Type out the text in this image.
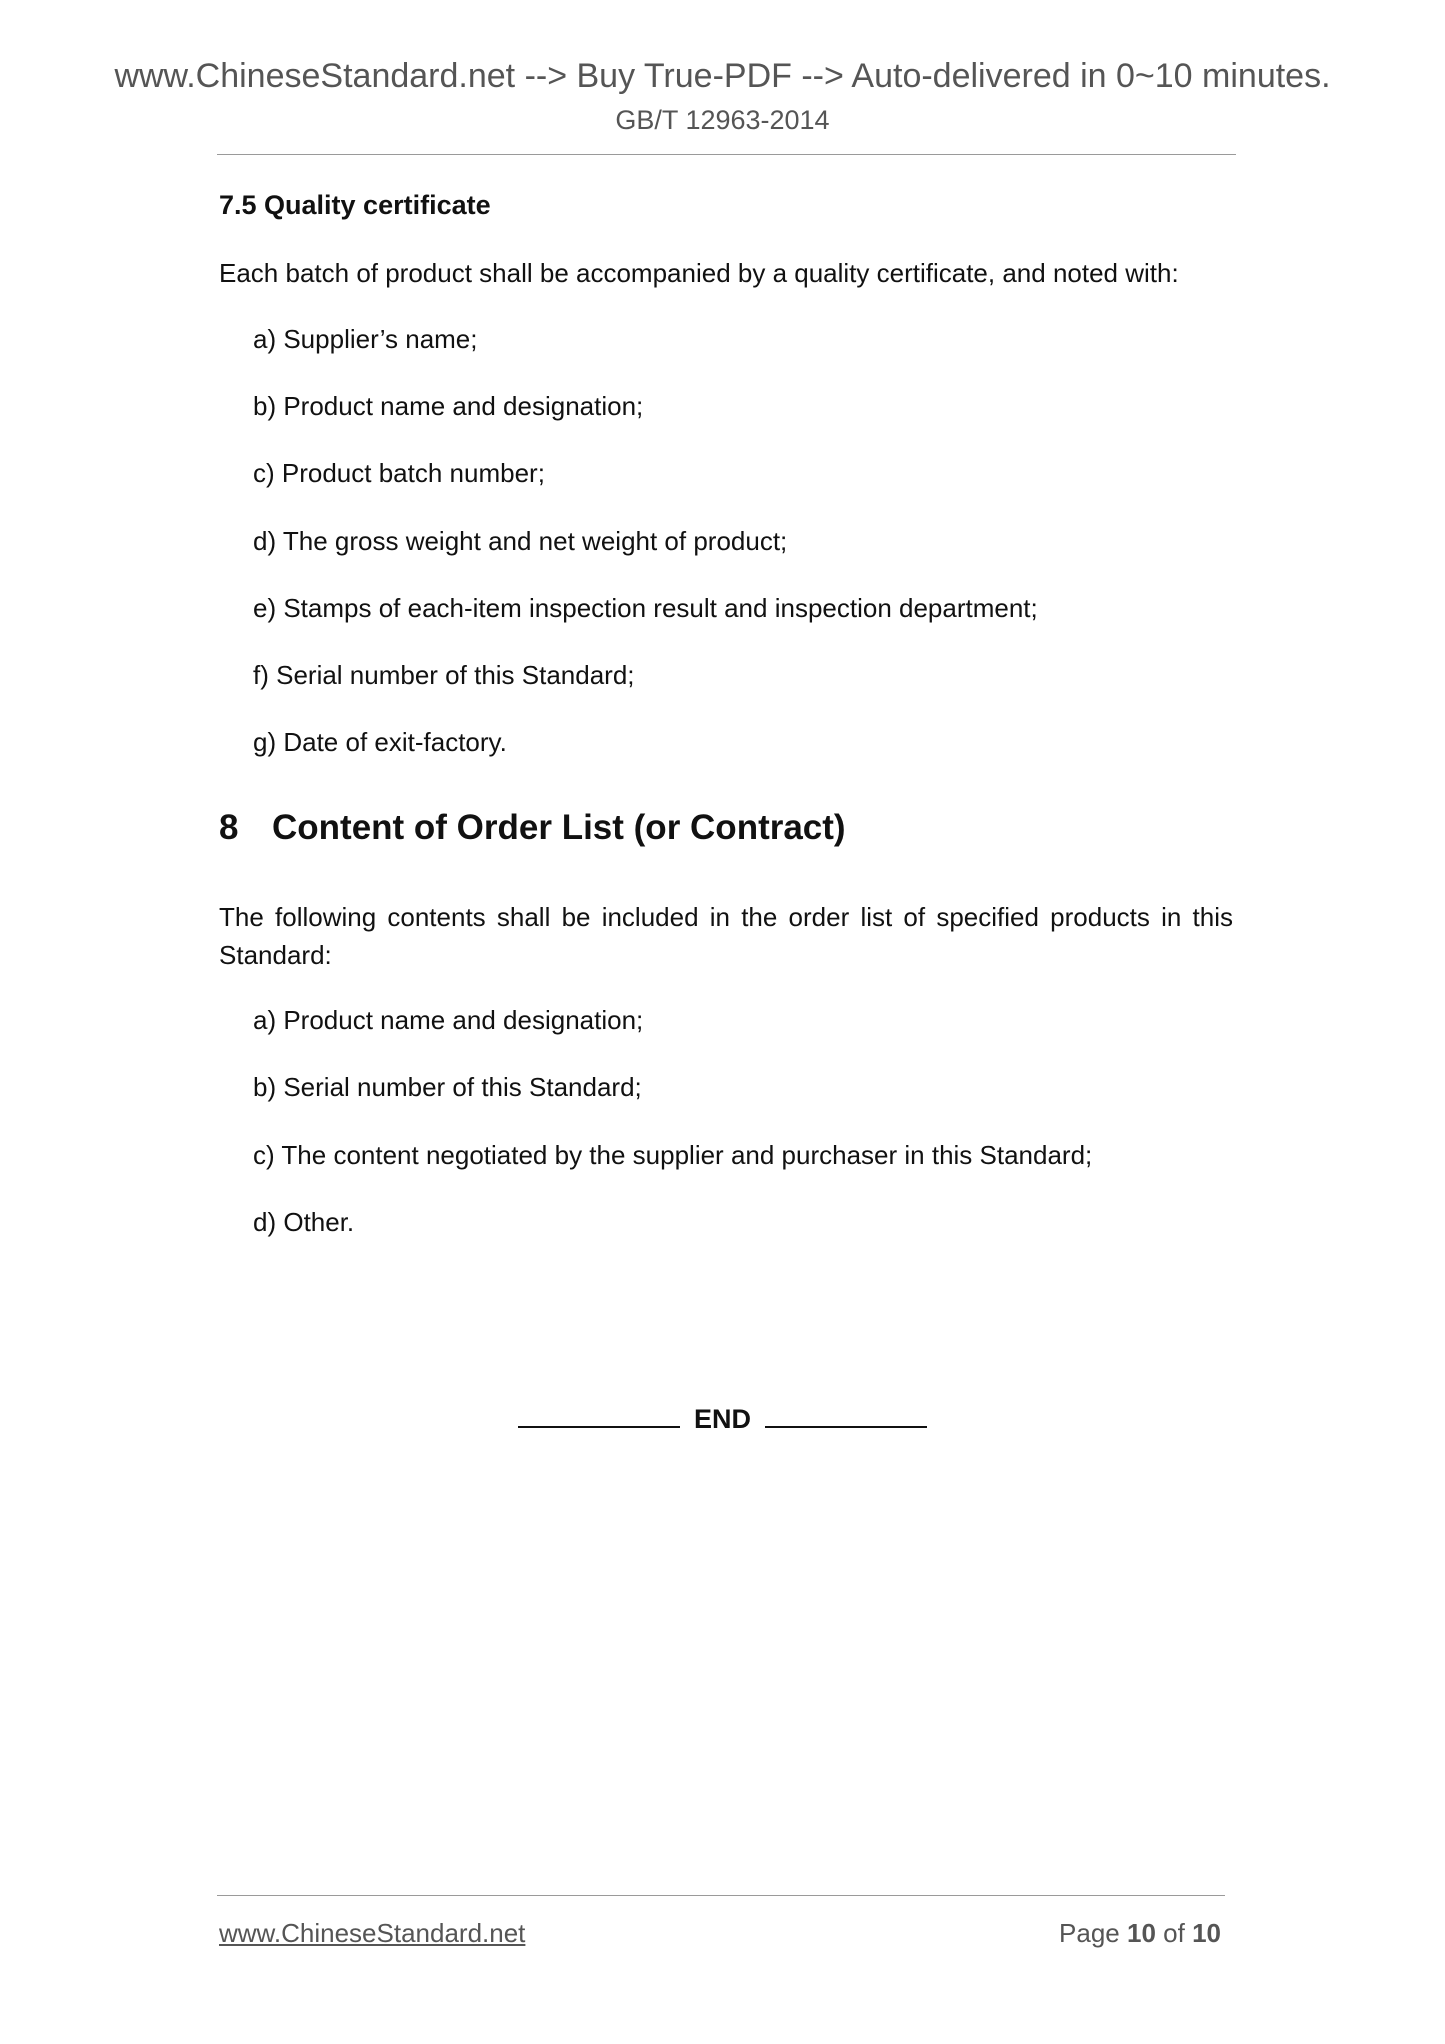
www.ChineseStandard.net --> Buy True-PDF --> Auto-delivered in 0~10 minutes.
GB/T 12963-2014
7.5 Quality certificate
Each batch of product shall be accompanied by a quality certificate, and noted with:
a) Supplier’s name;
b) Product name and designation;
c) Product batch number;
d) The gross weight and net weight of product;
e) Stamps of each-item inspection result and inspection department;
f) Serial number of this Standard;
g) Date of exit-factory.
8 Content of Order List (or Contract)
The following contents shall be included in the order list of specified products in this Standard:
a) Product name and designation;
b) Serial number of this Standard;
c) The content negotiated by the supplier and purchaser in this Standard;
d) Other.
END
www.ChineseStandard.net	Page 10 of 10
